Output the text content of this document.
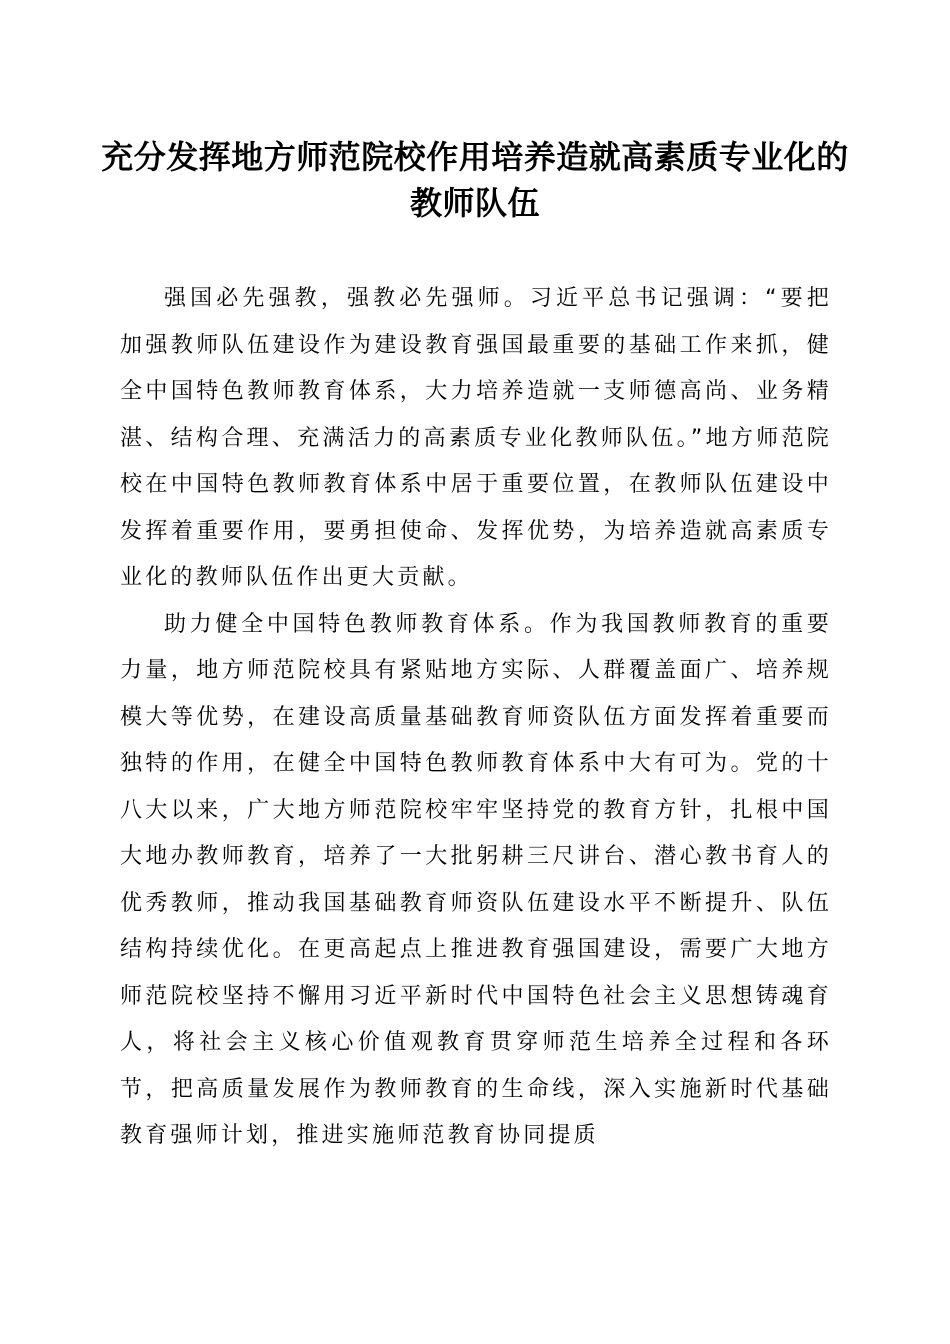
充分发挥地方师范院校作用培养造就高素质专业化的教师队伍

强国必先强教，强教必先强师。习近平总书记强调：“要把加强教师队伍建设作为建设教育强国最重要的基础工作来抓，健全中国特色教师教育体系，大力培养造就一支师德高尚、业务精湛、结构合理、充满活力的高素质专业化教师队伍。”地方师范院校在中国特色教师教育体系中居于重要位置，在教师队伍建设中发挥着重要作用，要勇担使命、发挥优势，为培养造就高素质专业化的教师队伍作出更大贡献。

助力健全中国特色教师教育体系。作为我国教师教育的重要力量，地方师范院校具有紧贴地方实际、人群覆盖面广、培养规模大等优势，在建设高质量基础教育师资队伍方面发挥着重要而独特的作用，在健全中国特色教师教育体系中大有可为。党的十八大以来，广大地方师范院校牢牢坚持党的教育方针，扎根中国大地办教师教育，培养了一大批躬耕三尺讲台、潜心教书育人的优秀教师，推动我国基础教育师资队伍建设水平不断提升、队伍结构持续优化。在更高起点上推进教育强国建设，需要广大地方师范院校坚持不懈用习近平新时代中国特色社会主义思想铸魂育人，将社会主义核心价值观教育贯穿师范生培养全过程和各环节，把高质量发展作为教师教育的生命线，深入实施新时代基础教育强师计划，推进实施师范教育协同提质
